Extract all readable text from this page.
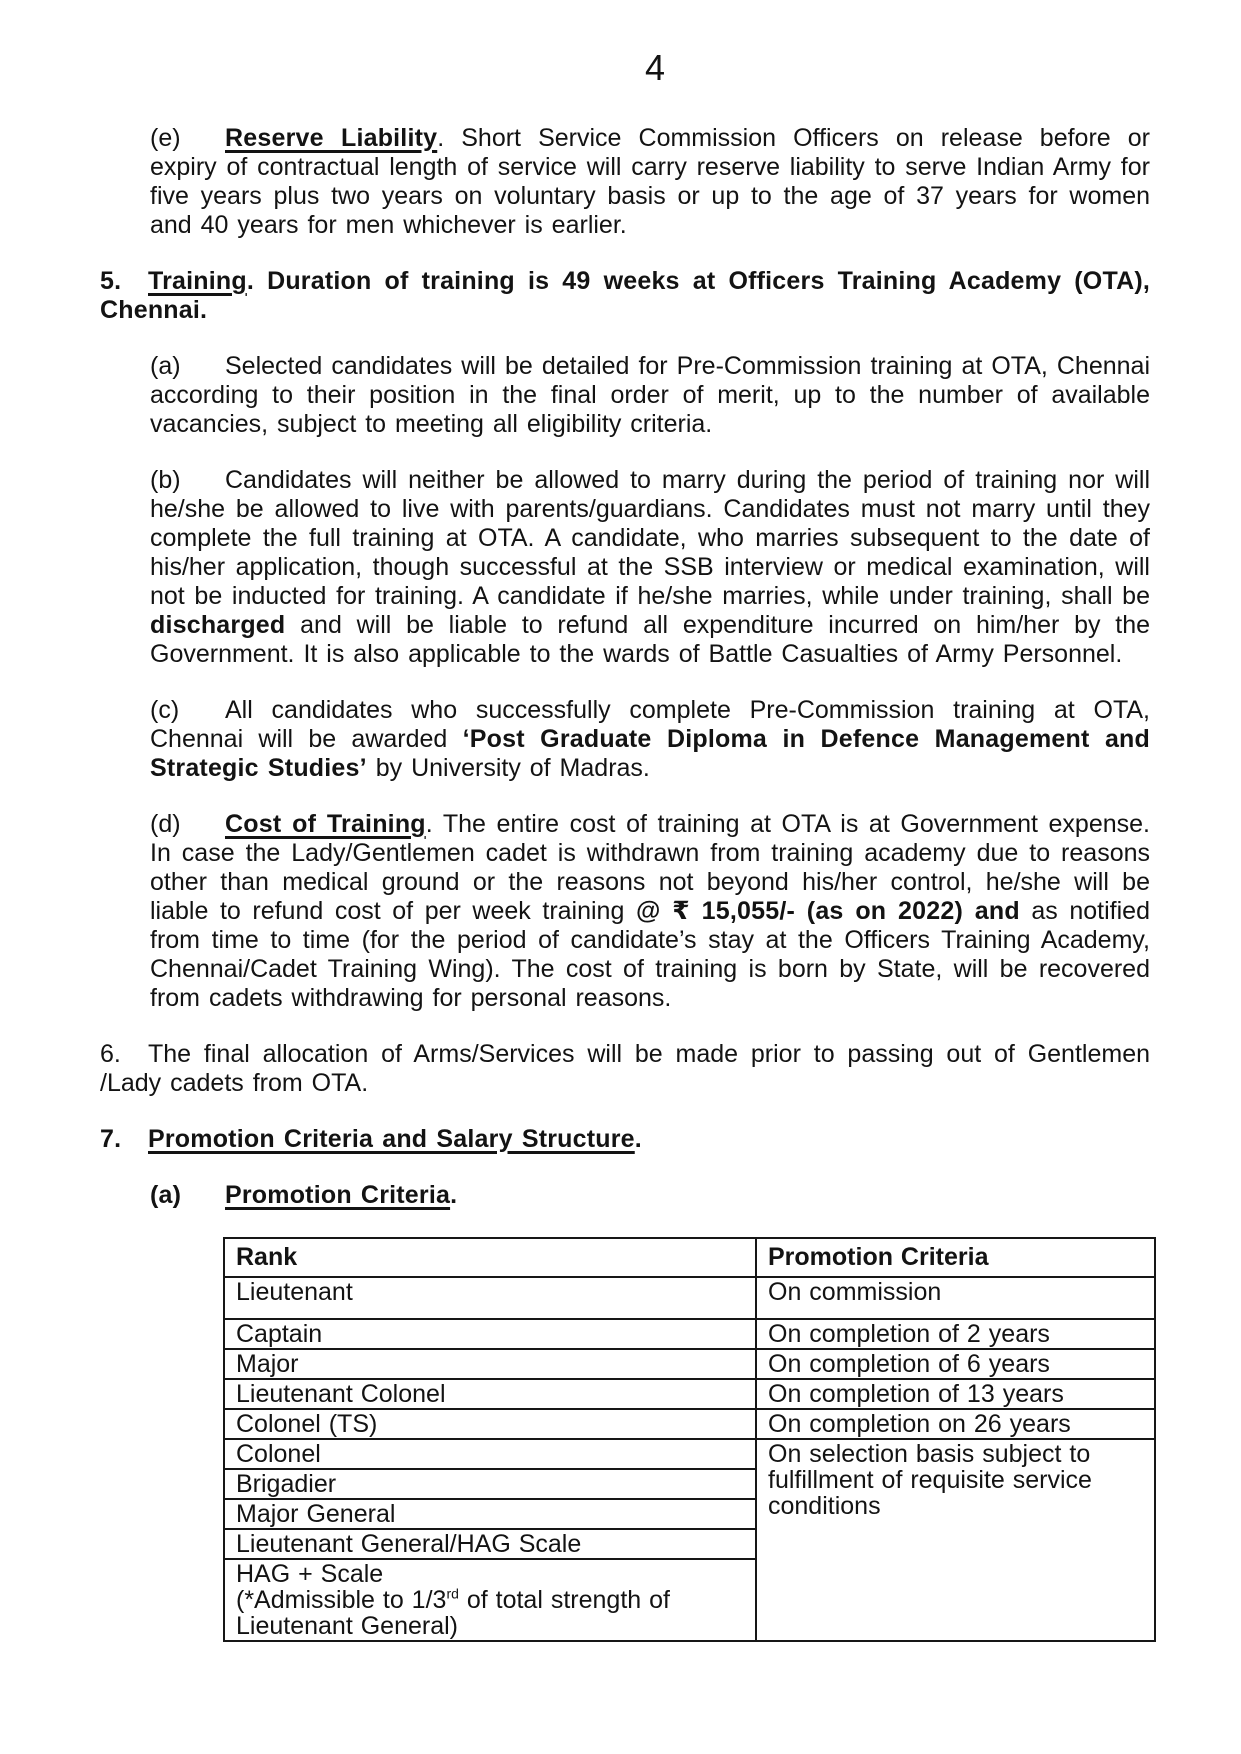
4

(e) Reserve Liability. Short Service Commission Officers on release before or expiry of contractual length of service will carry reserve liability to serve Indian Army for five years plus two years on voluntary basis or up to the age of 37 years for women and 40 years for men whichever is earlier.

5. Training. Duration of training is 49 weeks at Officers Training Academy (OTA), Chennai.

(a) Selected candidates will be detailed for Pre-Commission training at OTA, Chennai according to their position in the final order of merit, up to the number of available vacancies, subject to meeting all eligibility criteria.

(b) Candidates will neither be allowed to marry during the period of training nor will he/she be allowed to live with parents/guardians. Candidates must not marry until they complete the full training at OTA. A candidate, who marries subsequent to the date of his/her application, though successful at the SSB interview or medical examination, will not be inducted for training. A candidate if he/she marries, while under training, shall be discharged and will be liable to refund all expenditure incurred on him/her by the Government. It is also applicable to the wards of Battle Casualties of Army Personnel.

(c) All candidates who successfully complete Pre-Commission training at OTA, Chennai will be awarded ‘Post Graduate Diploma in Defence Management and Strategic Studies’ by University of Madras.

(d) Cost of Training. The entire cost of training at OTA is at Government expense. In case the Lady/Gentlemen cadet is withdrawn from training academy due to reasons other than medical ground or the reasons not beyond his/her control, he/she will be liable to refund cost of per week training @ ₹ 15,055/- (as on 2022) and as notified from time to time (for the period of candidate’s stay at the Officers Training Academy, Chennai/Cadet Training Wing). The cost of training is born by State, will be recovered from cadets withdrawing for personal reasons.

6. The final allocation of Arms/Services will be made prior to passing out of Gentlemen /Lady cadets from OTA.

7. Promotion Criteria and Salary Structure.

(a) Promotion Criteria.

Rank	Promotion Criteria
Lieutenant	On commission
Captain	On completion of 2 years
Major	On completion of 6 years
Lieutenant Colonel	On completion of 13 years
Colonel (TS)	On completion on 26 years
Colonel	On selection basis subject to fulfillment of requisite service conditions
Brigadier	
Major General	
Lieutenant General/HAG Scale	
HAG + Scale
(*Admissible to 1/3rd of total strength of Lieutenant General)	
